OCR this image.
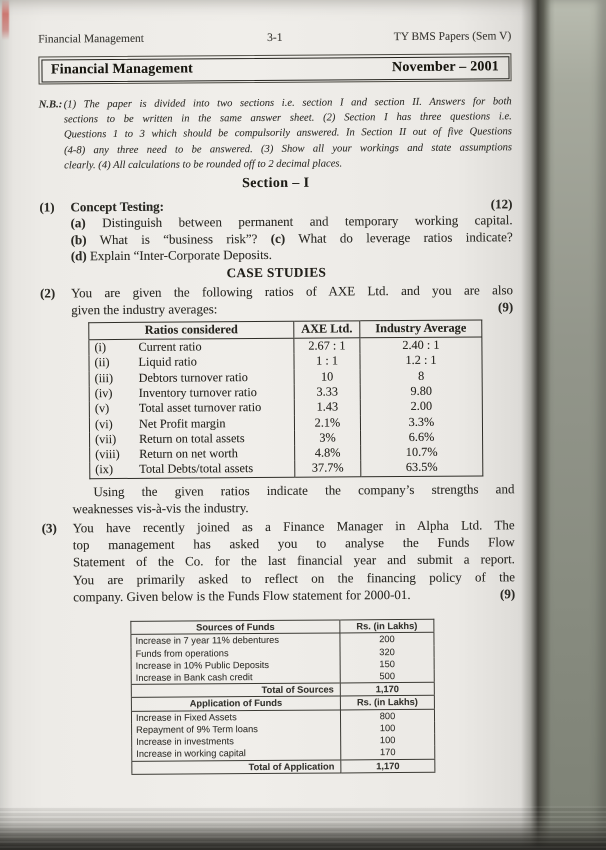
Financial Management	3-1	TY BMS Papers (Sem V)
Financial Management	November – 2001
N.B.: (1) The paper is divided into two sections i.e. section I and section II. Answers for both
sections to be written in the same answer sheet. (2) Section I has three questions i.e.
Questions 1 to 3 which should be compulsorily answered. In Section II out of five Questions
(4-8) any three need to be answered. (3) Show all your workings and state assumptions
clearly. (4) All calculations to be rounded off to 2 decimal places.
Section – I
(1)	Concept Testing:	(12)
(a) Distinguish between permanent and temporary working capital.
(b) What is “business risk”? (c) What do leverage ratios indicate?
(d) Explain “Inter-Corporate Deposits.
CASE STUDIES
(2)	You are given the following ratios of AXE Ltd. and you are also
given the industry averages:	(9)
Ratios considered	AXE Ltd.	Industry Average
(i) Current ratio	2.67 : 1	2.40 : 1
(ii) Liquid ratio	1 : 1	1.2 : 1
(iii) Debtors turnover ratio	10	8
(iv) Inventory turnover ratio	3.33	9.80
(v) Total asset turnover ratio	1.43	2.00
(vi) Net Profit margin	2.1%	3.3%
(vii) Return on total assets	3%	6.6%
(viii) Return on net worth	4.8%	10.7%
(ix) Total Debts/total assets	37.7%	63.5%
Using the given ratios indicate the company’s strengths and
weaknesses vis-à-vis the industry.
(3)	You have recently joined as a Finance Manager in Alpha Ltd. The
top management has asked you to analyse the Funds Flow
Statement of the Co. for the last financial year and submit a report.
You are primarily asked to reflect on the financing policy of the
company. Given below is the Funds Flow statement for 2000-01.	(9)
Sources of Funds	Rs. (in Lakhs)
Increase in 7 year 11% debentures	200
Funds from operations	320
Increase in 10% Public Deposits	150
Increase in Bank cash credit	500
Total of Sources	1,170
Application of Funds	Rs. (in Lakhs)
Increase in Fixed Assets	800
Repayment of 9% Term loans	100
Increase in investments	100
Increase in working capital	170
Total of Application	1,170
